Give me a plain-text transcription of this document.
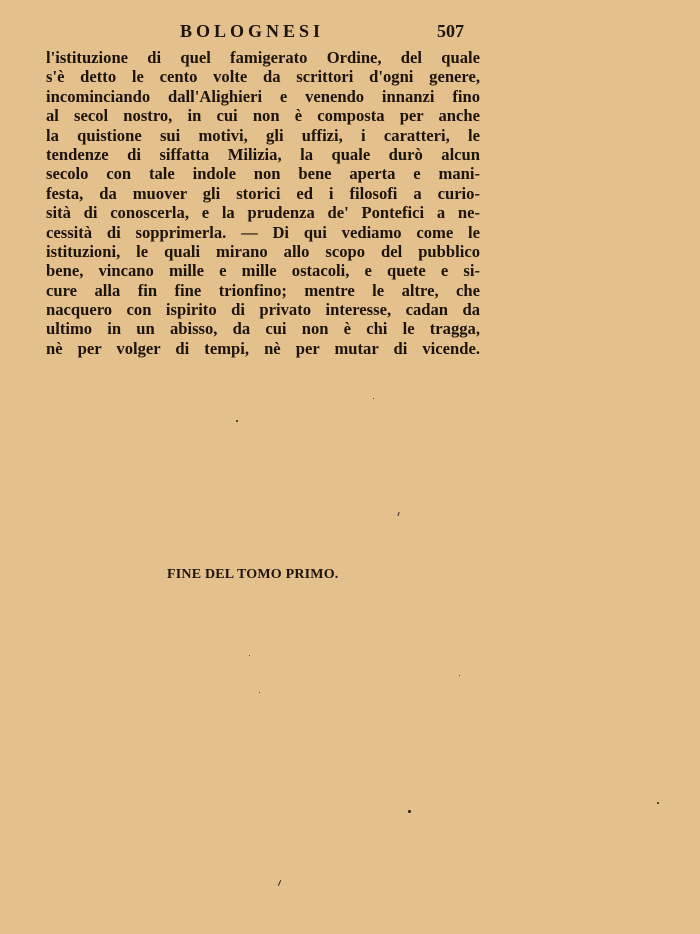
BOLOGNESI	507
l'istituzione di quel famigerato Ordine, del quale
s'è detto le cento volte da scrittori d'ogni genere,
incominciando dall'Alighieri e venendo innanzi fino
al secol nostro, in cui non è composta per anche
la quistione sui motivi, gli uffizi, i caratteri, le
tendenze di siffatta Milizia, la quale durò alcun
secolo con tale indole non bene aperta e mani-
festa, da muover gli storici ed i filosofi a curio-
sità di conoscerla, e la prudenza de' Pontefici a ne-
cessità di sopprimerla. — Di qui vediamo come le
istituzioni, le quali mirano allo scopo del pubblico
bene, vincano mille e mille ostacoli, e quete e si-
cure alla fin fine trionfino; mentre le altre, che
nacquero con ispirito di privato interesse, cadan da
ultimo in un abisso, da cui non è chi le tragga,
nè per volger di tempi, nè per mutar di vicende.
FINE DEL TOMO PRIMO.
